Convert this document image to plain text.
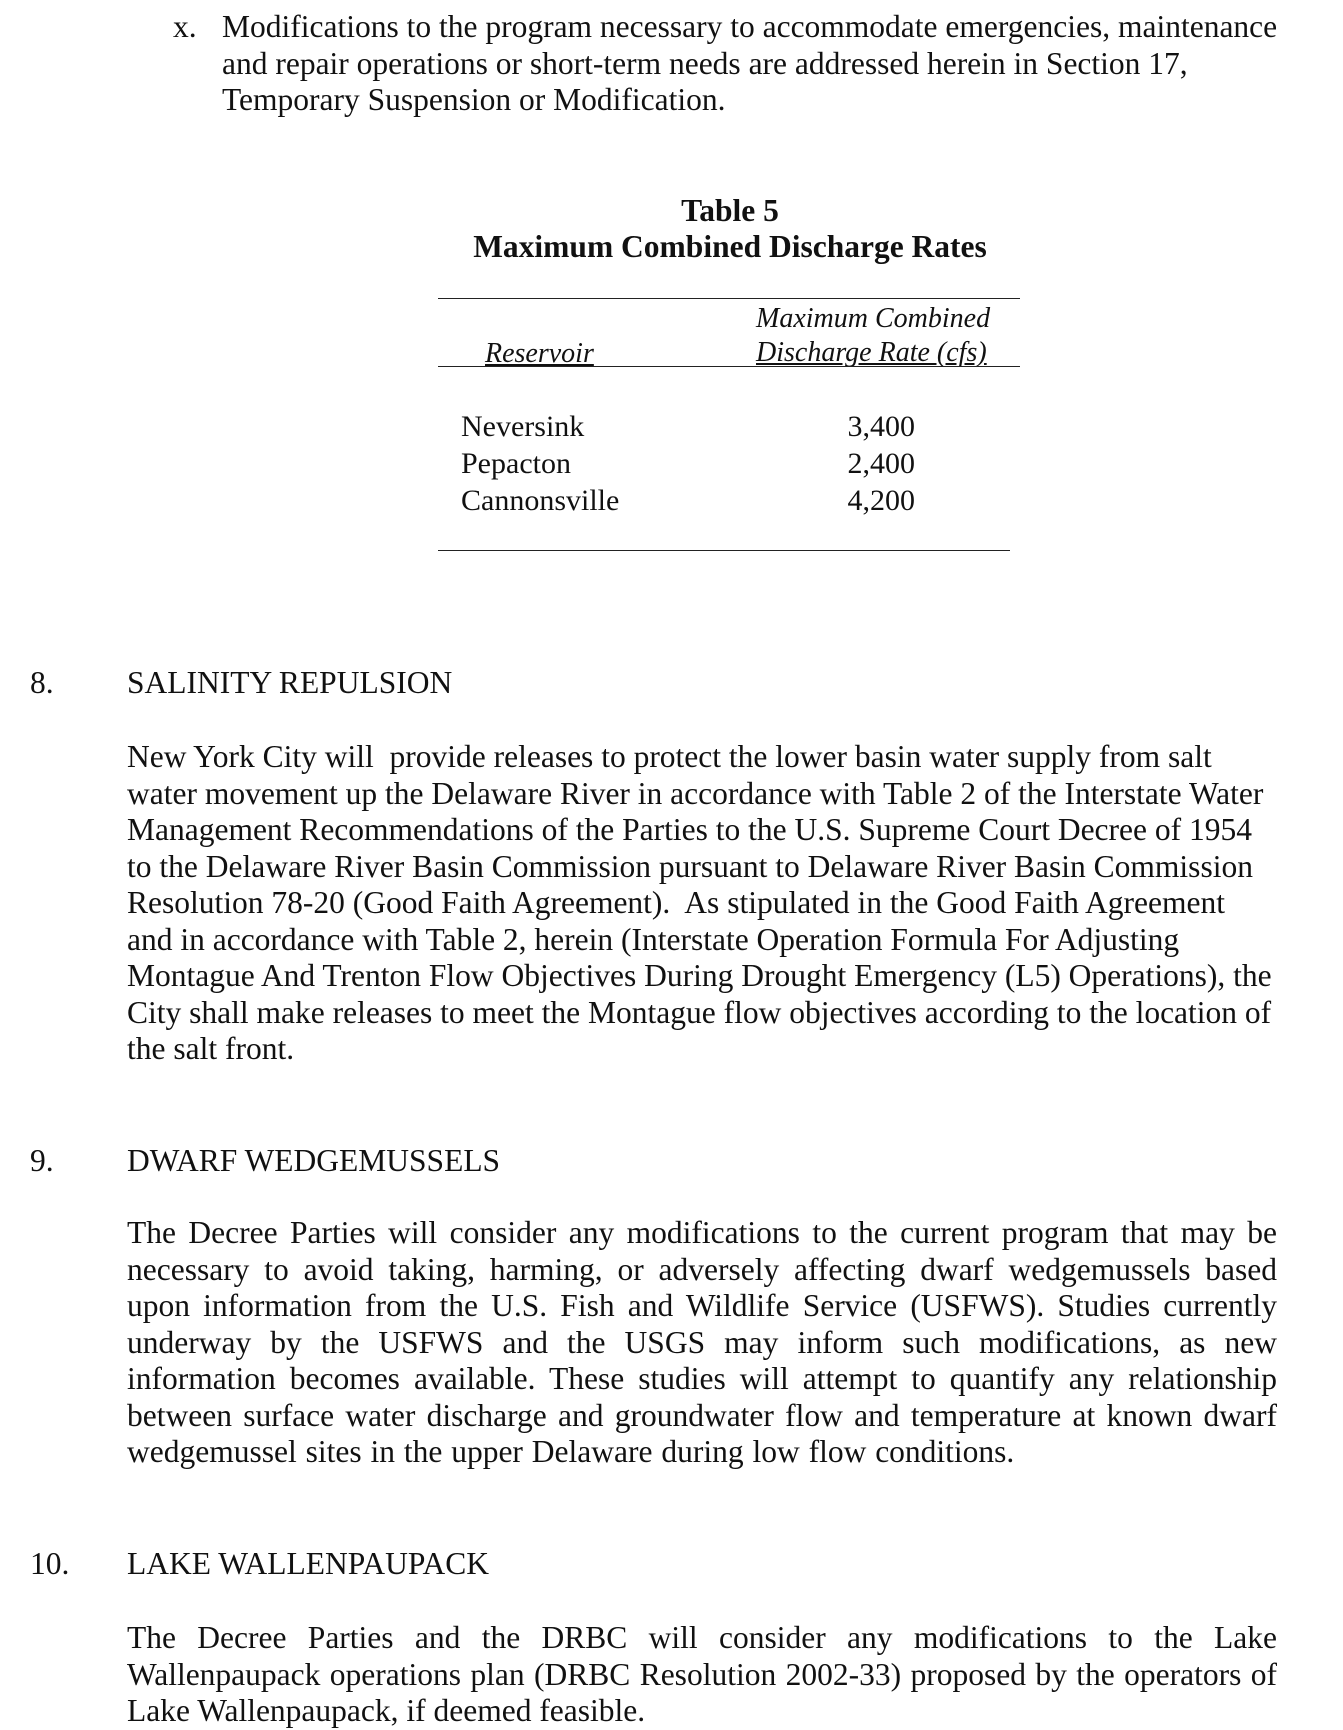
x. Modifications to the program necessary to accommodate emergencies, maintenance and repair operations or short-term needs are addressed herein in Section 17, Temporary Suspension or Modification.
Table 5
Maximum Combined Discharge Rates
Maximum Combined
Reservoir	Discharge Rate (cfs)
Neversink	3,400
Pepacton	2,400
Cannonsville	4,200
8. SALINITY REPULSION
New York City will  provide releases to protect the lower basin water supply from salt water movement up the Delaware River in accordance with Table 2 of the Interstate Water Management Recommendations of the Parties to the U.S. Supreme Court Decree of 1954 to the Delaware River Basin Commission pursuant to Delaware River Basin Commission Resolution 78-20 (Good Faith Agreement).  As stipulated in the Good Faith Agreement and in accordance with Table 2, herein (Interstate Operation Formula For Adjusting Montague And Trenton Flow Objectives During Drought Emergency (L5) Operations), the City shall make releases to meet the Montague flow objectives according to the location of the salt front.
9. DWARF WEDGEMUSSELS
The Decree Parties will consider any modifications to the current program that may be necessary to avoid taking, harming, or adversely affecting dwarf wedgemussels based upon information from the U.S. Fish and Wildlife Service (USFWS). Studies currently underway by the USFWS and the USGS may inform such modifications, as new information becomes available. These studies will attempt to quantify any relationship between surface water discharge and groundwater flow and temperature at known dwarf wedgemussel sites in the upper Delaware during low flow conditions.
10. LAKE WALLENPAUPACK
The Decree Parties and the DRBC will consider any modifications to the Lake Wallenpaupack operations plan (DRBC Resolution 2002-33) proposed by the operators of Lake Wallenpaupack, if deemed feasible.
